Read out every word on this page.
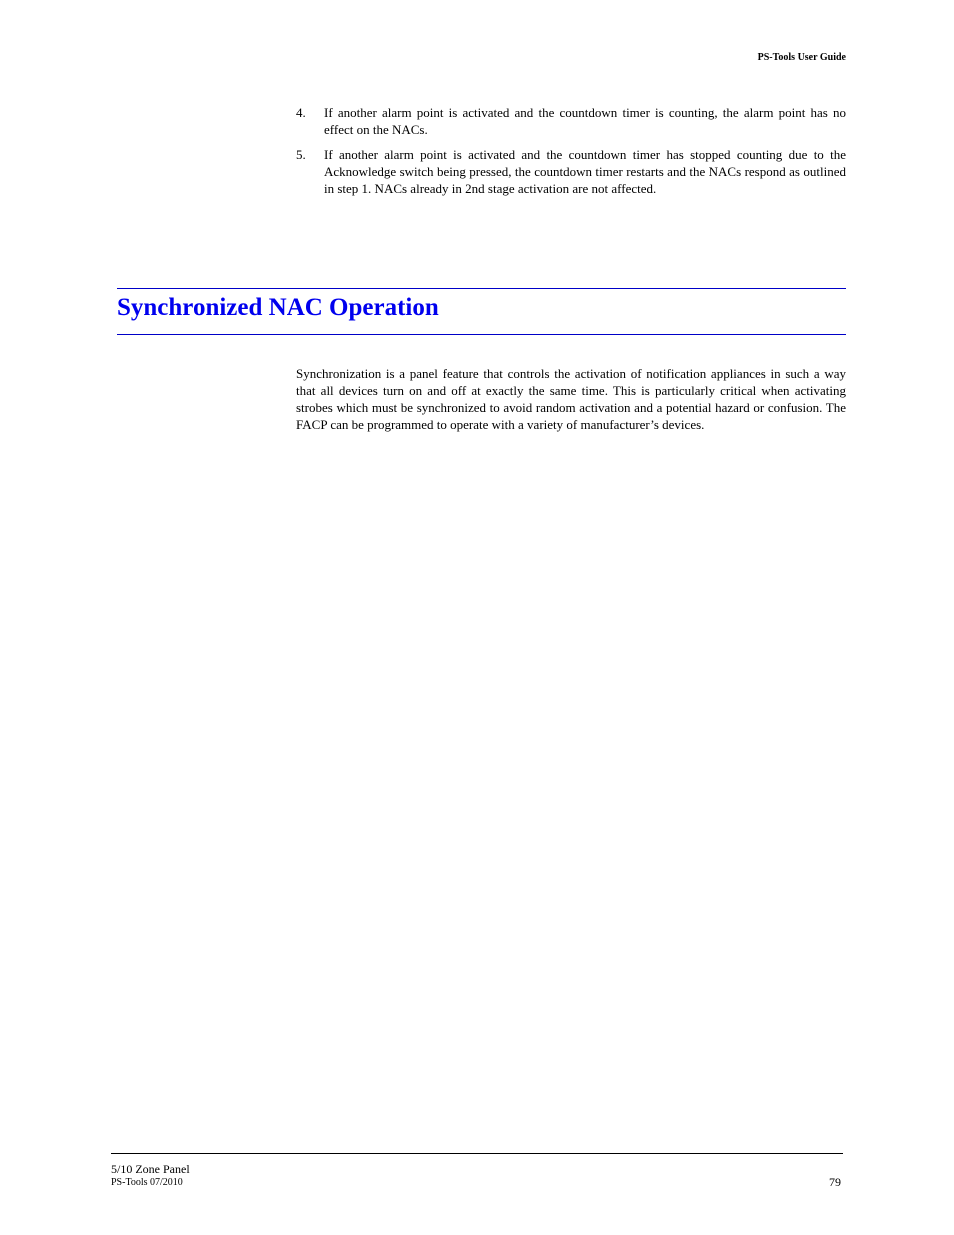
PS-Tools User Guide
4. If another alarm point is activated and the countdown timer is counting, the alarm point has no effect on the NACs.
5. If another alarm point is activated and the countdown timer has stopped counting due to the Acknowledge switch being pressed, the countdown timer restarts and the NACs respond as outlined in step 1. NACs already in 2nd stage activation are not affected.
Synchronized NAC Operation

Synchronization is a panel feature that controls the activation of notification appliances in such a way that all devices turn on and off at exactly the same time. This is particularly critical when activating strobes which must be synchronized to avoid random activation and a potential hazard or confusion. The FACP can be programmed to operate with a variety of manufacturer’s devices.

5/10 Zone Panel
PS-Tools 07/2010	79
